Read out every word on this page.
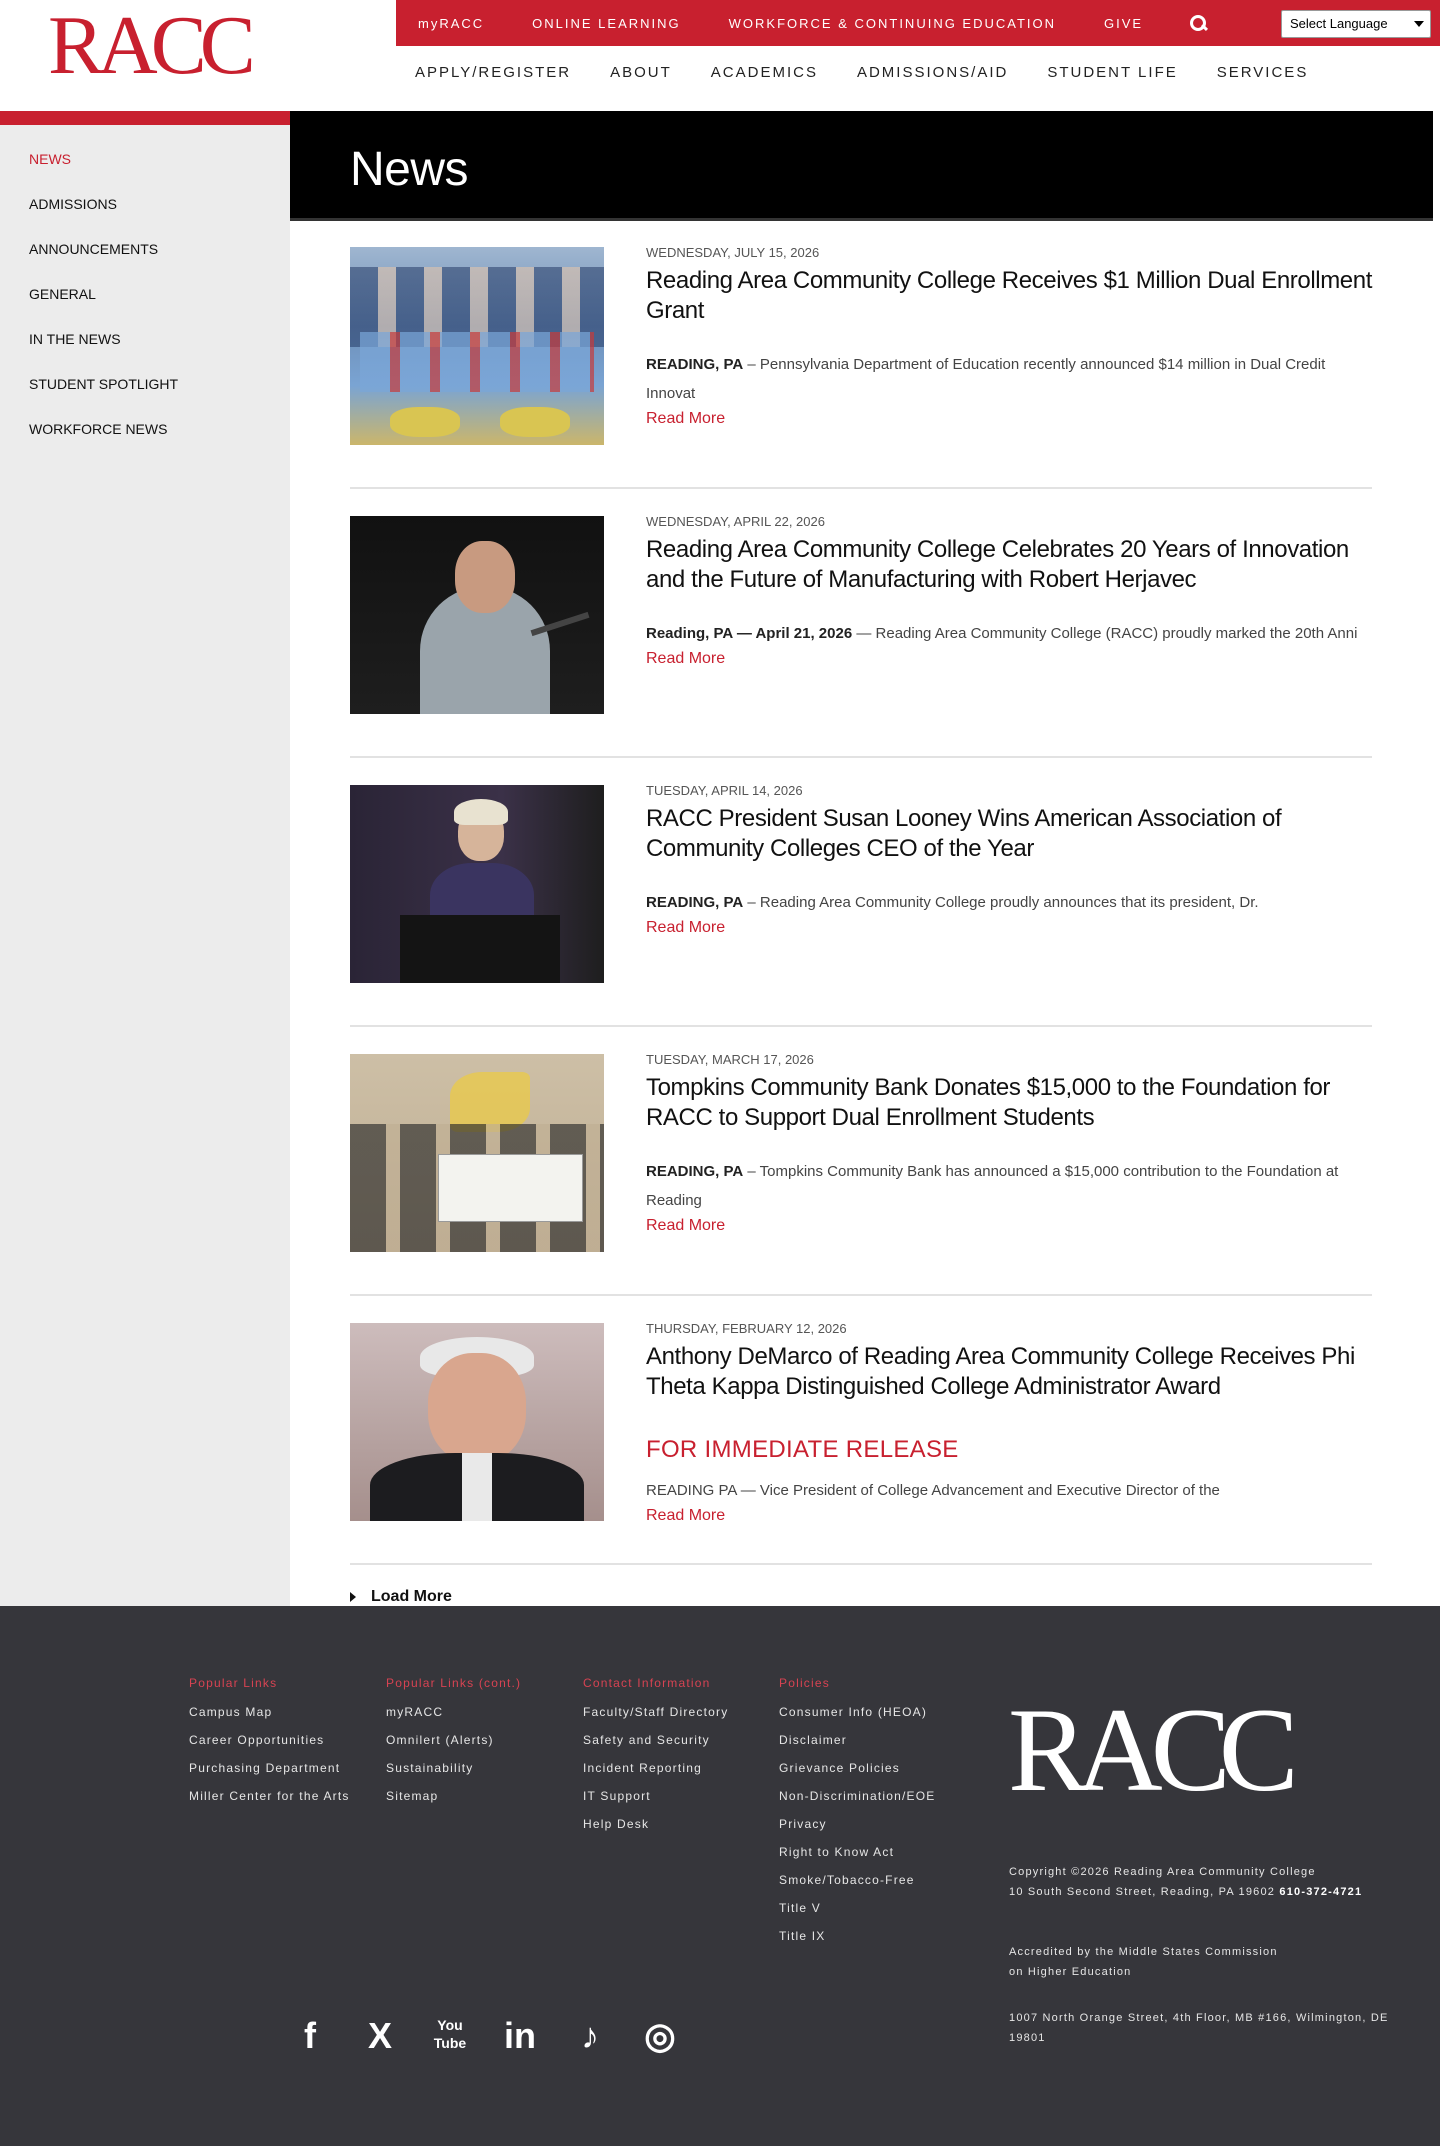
RACC	myRACC	ONLINE LEARNING	WORKFORCE & CONTINUING EDUCATION	GIVE	Select Language
APPLY/REGISTER	ABOUT	ACADEMICS	ADMISSIONS/AID	STUDENT LIFE	SERVICES
NEWS
ADMISSIONS
ANNOUNCEMENTS
GENERAL
IN THE NEWS
STUDENT SPOTLIGHT
WORKFORCE NEWS
News
WEDNESDAY, JULY 15, 2026
Reading Area Community College Receives $1 Million Dual Enrollment Grant

READING, PA – Pennsylvania Department of Education recently announced $14 million in Dual Credit Innovat

Read More
WEDNESDAY, APRIL 22, 2026
Reading Area Community College Celebrates 20 Years of Innovation and the Future of Manufacturing with Robert Herjavec

Reading, PA — April 21, 2026 — Reading Area Community College (RACC) proudly marked the 20th Anni

Read More
TUESDAY, APRIL 14, 2026
RACC President Susan Looney Wins American Association of Community Colleges CEO of the Year

READING, PA – Reading Area Community College proudly announces that its president, Dr.

Read More
TUESDAY, MARCH 17, 2026
Tompkins Community Bank Donates $15,000 to the Foundation for RACC to Support Dual Enrollment Students

READING, PA – Tompkins Community Bank has announced a $15,000 contribution to the Foundation at Reading

Read More
THURSDAY, FEBRUARY 12, 2026
Anthony DeMarco of Reading Area Community College Receives Phi Theta Kappa Distinguished College Administrator Award
FOR IMMEDIATE RELEASE

READING PA — Vice President of College Advancement and Executive Director of the

Read More
Load More
Popular Links
Campus Map
Career Opportunities
Purchasing Department
Miller Center for the Arts
Popular Links (cont.)
myRACC
Omnilert (Alerts)
Sustainability
Sitemap
Contact Information
Faculty/Staff Directory
Safety and Security
Incident Reporting
IT Support
Help Desk
Policies
Consumer Info (HEOA)
Disclaimer
Grievance Policies
Non-Discrimination/EOE
Privacy
Right to Know Act
Smoke/Tobacco-Free
Title V
Title IX
RACC
Copyright ©2026 Reading Area Community College
10 South Second Street, Reading, PA 19602 610-372-4721
Accredited by the Middle States Commission
on Higher Education
1007 North Orange Street, 4th Floor, MB #166, Wilmington, DE 19801
f	X	You Tube in	♪	◎
